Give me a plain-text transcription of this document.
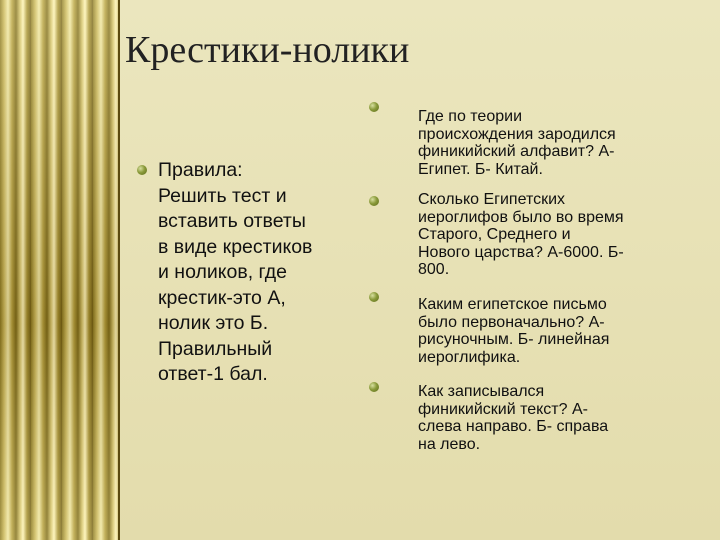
Крестики-нолики
Правила:
Решить тест и
вставить ответы
в виде крестиков
и ноликов, где
крестик-это А,
нолик это Б.
Правильный
ответ-1 бал.
Где по теории
происхождения зародился
финикийский алфавит? А-
Египет. Б- Китай.
Сколько Египетских
иероглифов было во время
Старого, Среднего и
Нового царства? А-6000. Б-
800.
Каким египетское письмо
было первоначально? А-
рисуночным. Б- линейная
иероглифика.
Как записывался
финикийский текст? А-
слева направо. Б- справа
на лево.
